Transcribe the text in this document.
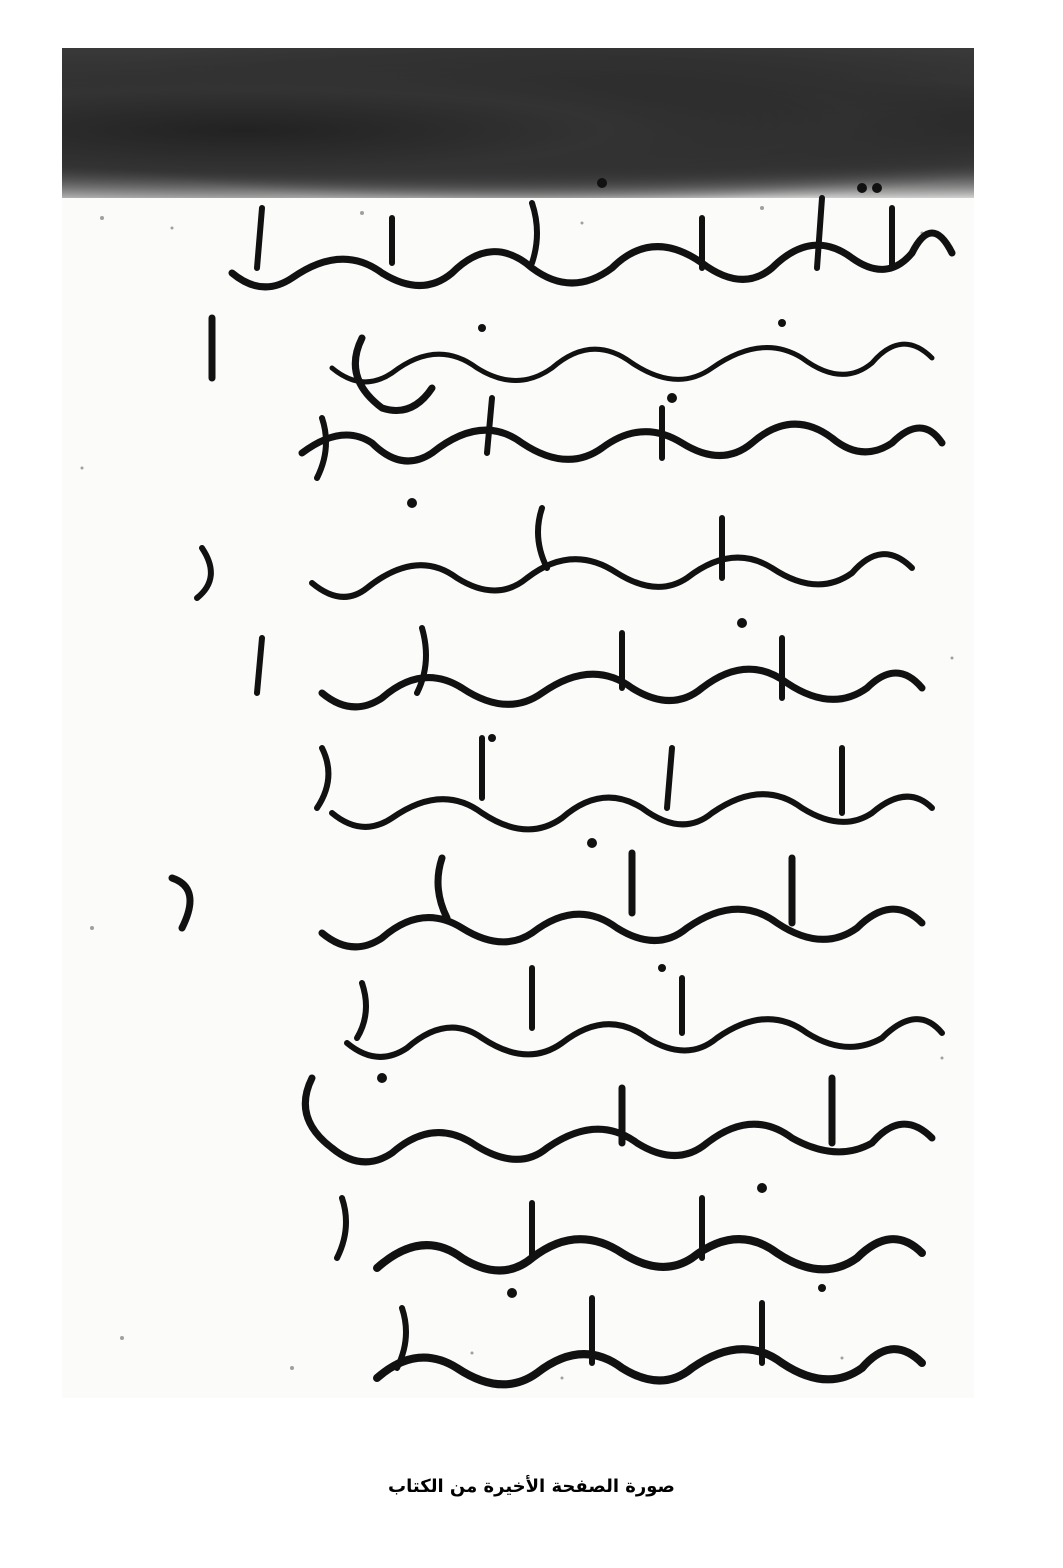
صورة الصفحة الأخيرة من الكتاب
